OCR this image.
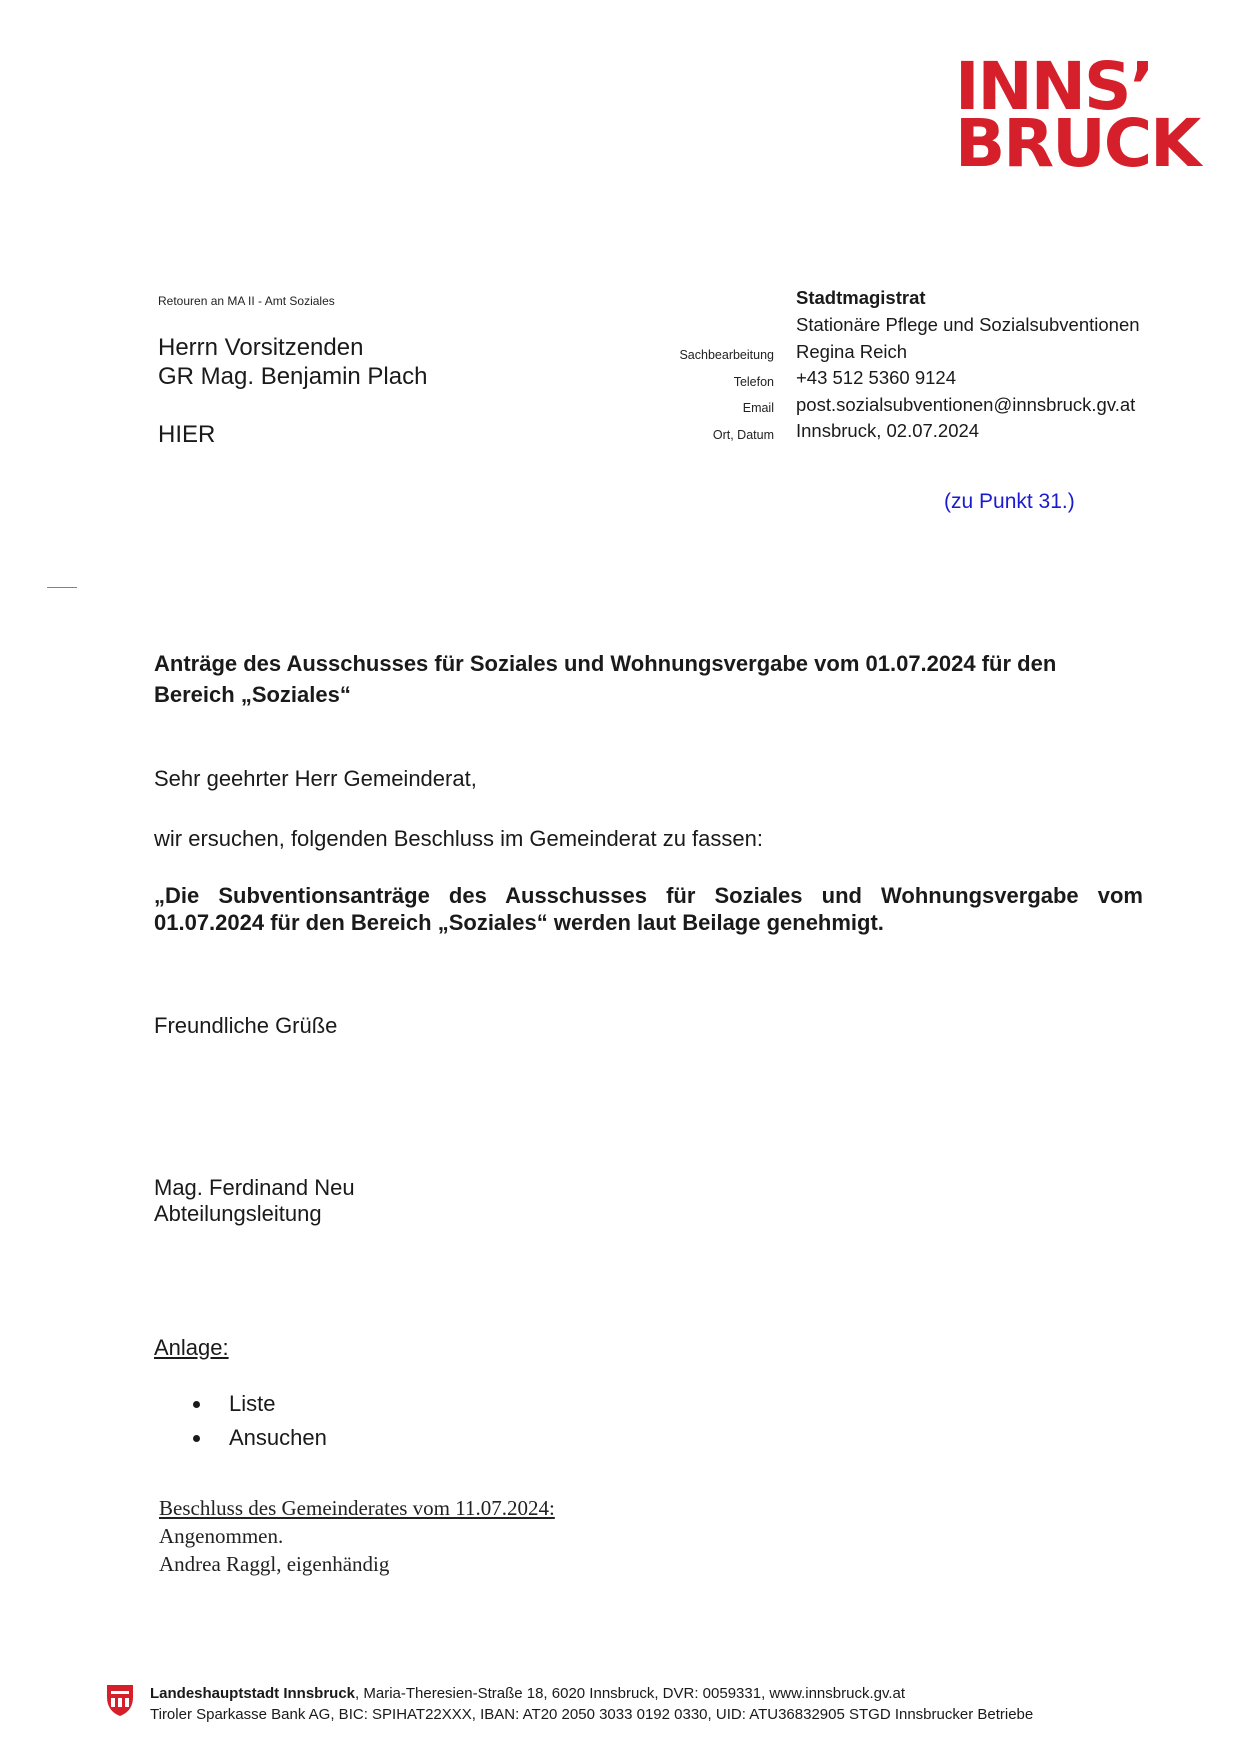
INNS’
BRUCK
Retouren an MA II - Amt Soziales
Herrn Vorsitzenden
GR Mag. Benjamin Plach
HIER
Stadtmagistrat
Stationäre Pflege und Sozialsubventionen
Sachbearbeitung Regina Reich
Telefon +43 512 5360 9124
Email post.sozialsubventionen@innsbruck.gv.at
Ort, Datum Innsbruck, 02.07.2024
(zu Punkt 31.)
Anträge des Ausschusses für Soziales und Wohnungsvergabe vom 01.07.2024 für den
Bereich „Soziales“
Sehr geehrter Herr Gemeinderat,
wir ersuchen, folgenden Beschluss im Gemeinderat zu fassen:
„Die Subventionsanträge des Ausschusses für Soziales und Wohnungsvergabe vom 01.07.2024 für den Bereich „Soziales“ werden laut Beilage genehmigt.
Freundliche Grüße
Mag. Ferdinand Neu
Abteilungsleitung
Anlage:
Liste
Ansuchen
Beschluss des Gemeinderates vom 11.07.2024:
Angenommen.
Andrea Raggl, eigenhändig
Landeshauptstadt Innsbruck, Maria-Theresien-Straße 18, 6020 Innsbruck, DVR: 0059331, www.innsbruck.gv.at
Tiroler Sparkasse Bank AG, BIC: SPIHAT22XXX, IBAN: AT20 2050 3033 0192 0330, UID: ATU36832905 STGD Innsbrucker Betriebe
